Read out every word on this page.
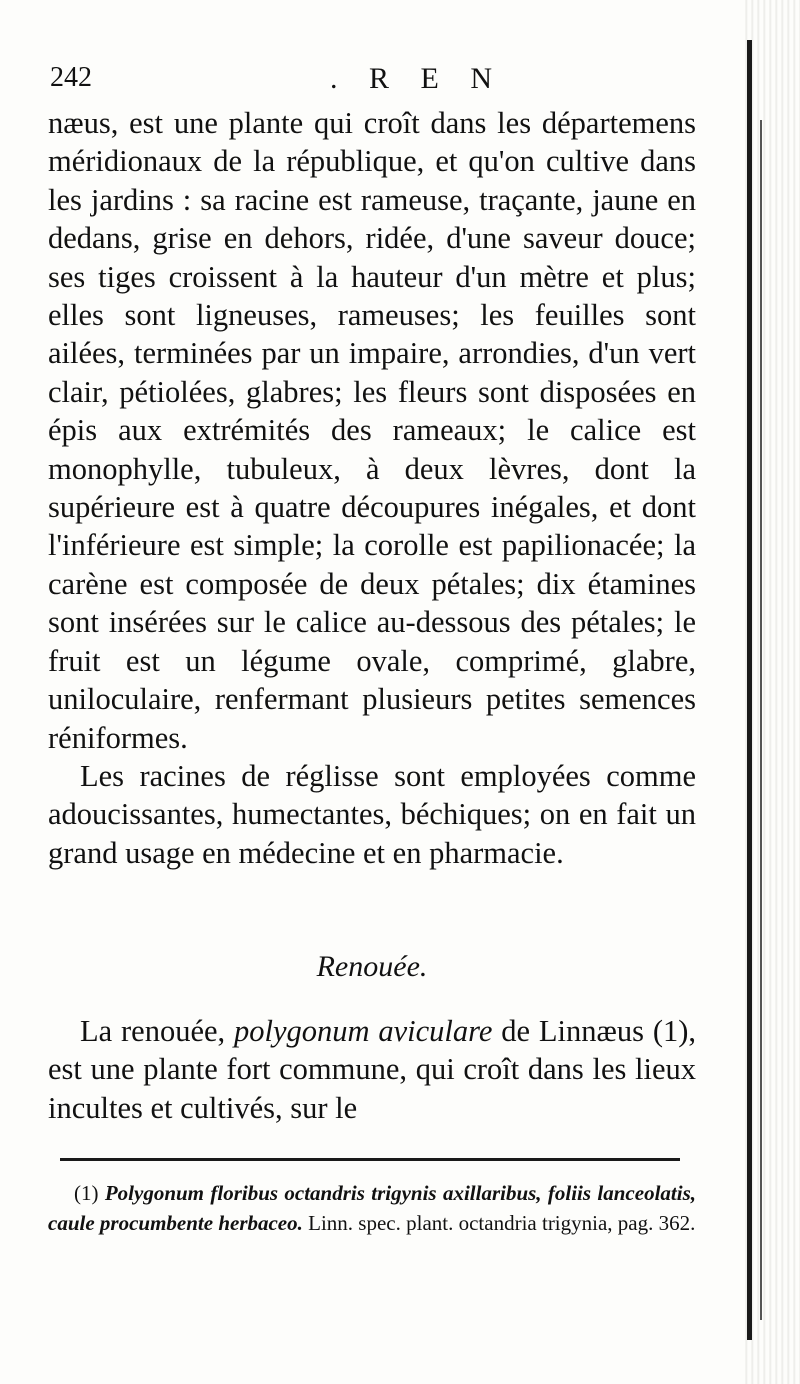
242	. R E N

næus, est une plante qui croît dans les départemens méridionaux de la république, et qu'on cultive dans les jardins : sa racine est rameuse, traçante, jaune en dedans, grise en dehors, ridée, d'une saveur douce; ses tiges croissent à la hauteur d'un mètre et plus; elles sont ligneuses, rameuses; les feuilles sont ailées, terminées par un impaire, arrondies, d'un vert clair, pétiolées, glabres; les fleurs sont disposées en épis aux extrémités des rameaux; le calice est monophylle, tubuleux, à deux lèvres, dont la supérieure est à quatre découpures inégales, et dont l'inférieure est simple; la corolle est papilionacée; la carène est composée de deux pétales; dix étamines sont insérées sur le calice au-dessous des pétales; le fruit est un légume ovale, comprimé, glabre, uniloculaire, renfermant plusieurs petites semences réniformes.

Les racines de réglisse sont employées comme adoucissantes, humectantes, béchiques; on en fait un grand usage en médecine et en pharmacie.

Renouée.

La renouée, polygonum aviculare de Linnæus (1), est une plante fort commune, qui croît dans les lieux incultes et cultivés, sur le

(1) Polygonum floribus octandris trigynis axillaribus, foliis lanceolatis, caule procumbente herbaceo. Linn. spec. plant. octandria trigynia, pag. 362.
